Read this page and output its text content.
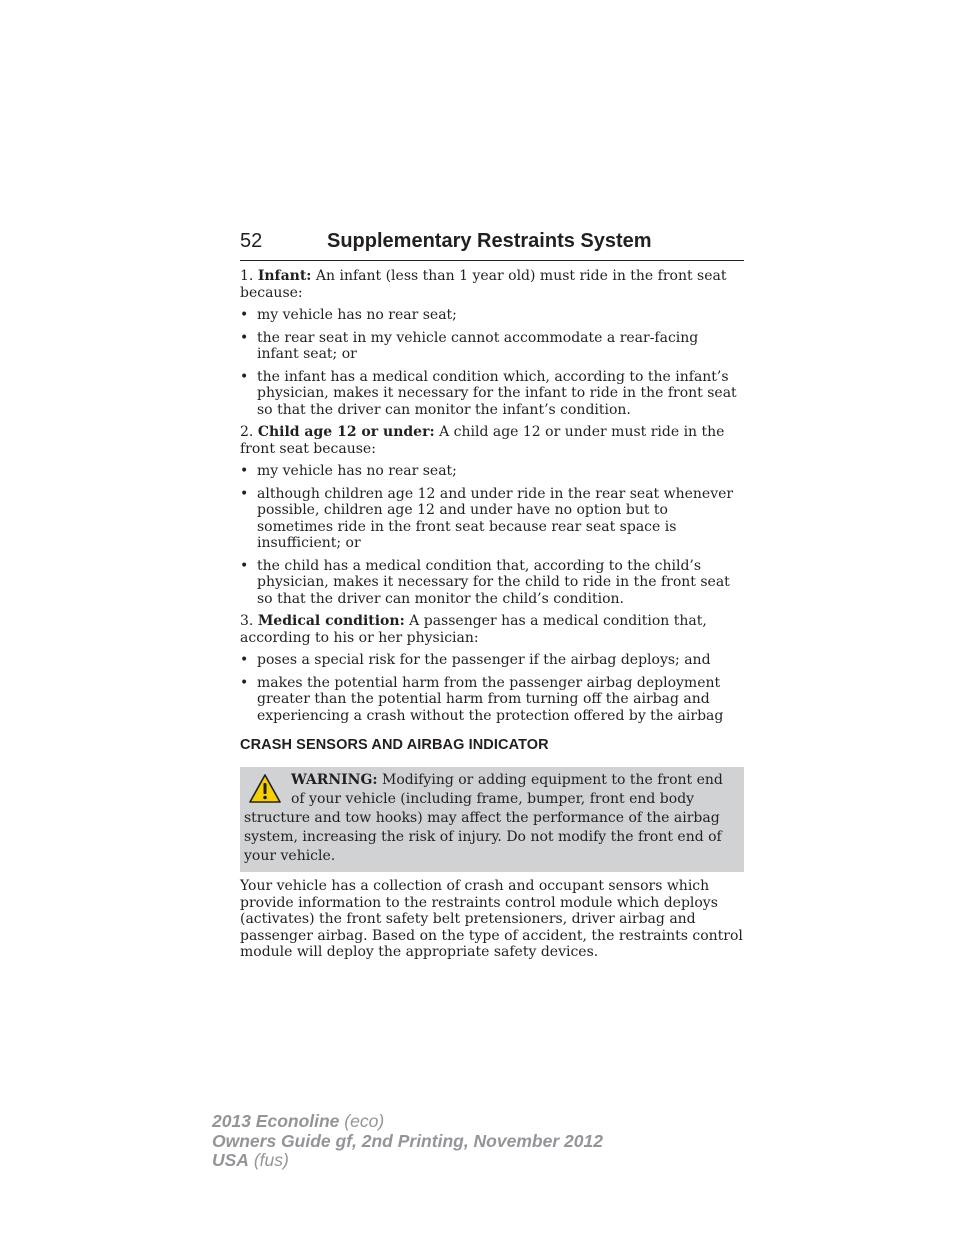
52	Supplementary Restraints System

1. Infant: An infant (less than 1 year old) must ride in the front seat because:

• my vehicle has no rear seat;
• the rear seat in my vehicle cannot accommodate a rear-facing infant seat; or
• the infant has a medical condition which, according to the infant’s physician, makes it necessary for the infant to ride in the front seat so that the driver can monitor the infant’s condition.

2. Child age 12 or under: A child age 12 or under must ride in the front seat because:

• my vehicle has no rear seat;
• although children age 12 and under ride in the rear seat whenever possible, children age 12 and under have no option but to sometimes ride in the front seat because rear seat space is insufficient; or
• the child has a medical condition that, according to the child’s physician, makes it necessary for the child to ride in the front seat so that the driver can monitor the child’s condition.

3. Medical condition: A passenger has a medical condition that, according to his or her physician:

• poses a special risk for the passenger if the airbag deploys; and
• makes the potential harm from the passenger airbag deployment greater than the potential harm from turning off the airbag and experiencing a crash without the protection offered by the airbag
CRASH SENSORS AND AIRBAG INDICATOR
WARNING: Modifying or adding equipment to the front end of your vehicle (including frame, bumper, front end body structure and tow hooks) may affect the performance of the airbag system, increasing the risk of injury. Do not modify the front end of your vehicle.

Your vehicle has a collection of crash and occupant sensors which provide information to the restraints control module which deploys (activates) the front safety belt pretensioners, driver airbag and passenger airbag. Based on the type of accident, the restraints control module will deploy the appropriate safety devices.

2013 Econoline (eco)
Owners Guide gf, 2nd Printing, November 2012
USA (fus)
